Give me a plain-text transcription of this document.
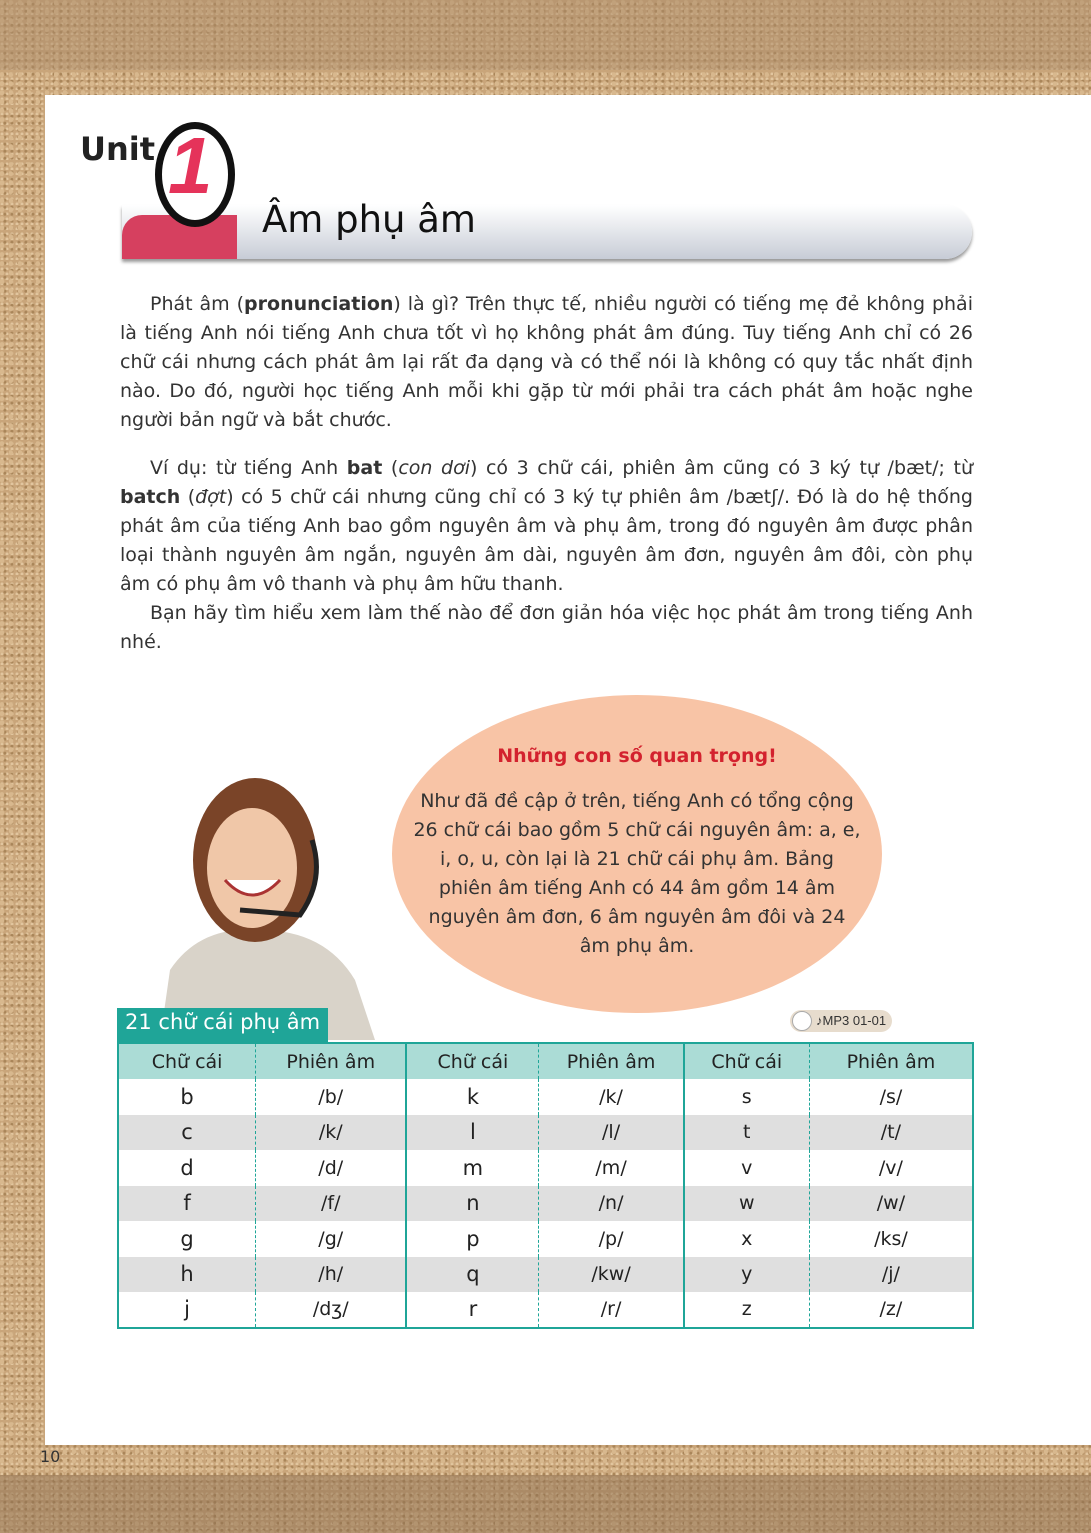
Unit 1
Âm phụ âm

Phát âm (pronunciation) là gì? Trên thực tế, nhiều người có tiếng mẹ đẻ không phải là tiếng Anh nói tiếng Anh chưa tốt vì họ không phát âm đúng. Tuy tiếng Anh chỉ có 26 chữ cái nhưng cách phát âm lại rất đa dạng và có thể nói là không có quy tắc nhất định nào. Do đó, người học tiếng Anh mỗi khi gặp từ mới phải tra cách phát âm hoặc nghe người bản ngữ và bắt chước.

Ví dụ: từ tiếng Anh bat (con dơi) có 3 chữ cái, phiên âm cũng có 3 ký tự /bæt/; từ batch (đợt) có 5 chữ cái nhưng cũng chỉ có 3 ký tự phiên âm /bætʃ/. Đó là do hệ thống phát âm của tiếng Anh bao gồm nguyên âm và phụ âm, trong đó nguyên âm được phân loại thành nguyên âm ngắn, nguyên âm dài, nguyên âm đơn, nguyên âm đôi, còn phụ âm có phụ âm vô thanh và phụ âm hữu thanh.

Bạn hãy tìm hiểu xem làm thế nào để đơn giản hóa việc học phát âm trong tiếng Anh nhé.

Những con số quan trọng!
Như đã đề cập ở trên, tiếng Anh có tổng cộng 26 chữ cái bao gồm 5 chữ cái nguyên âm: a, e, i, o, u, còn lại là 21 chữ cái phụ âm. Bảng phiên âm tiếng Anh có 44 âm gồm 14 âm nguyên âm đơn, 6 âm nguyên âm đôi và 24 âm phụ âm.
21 chữ cái phụ âm	♪MP3 01-01
Chữ cái	Phiên âm	Chữ cái	Phiên âm	Chữ cái	Phiên âm
b	/b/	k	/k/	s	/s/
c	/k/	l	/l/	t	/t/
d	/d/	m	/m/	v	/v/
f	/f/	n	/n/	w	/w/
g	/g/	p	/p/	x	/ks/
h	/h/	q	/kw/	y	/j/
j	/dʒ/	r	/r/	z	/z/
10
